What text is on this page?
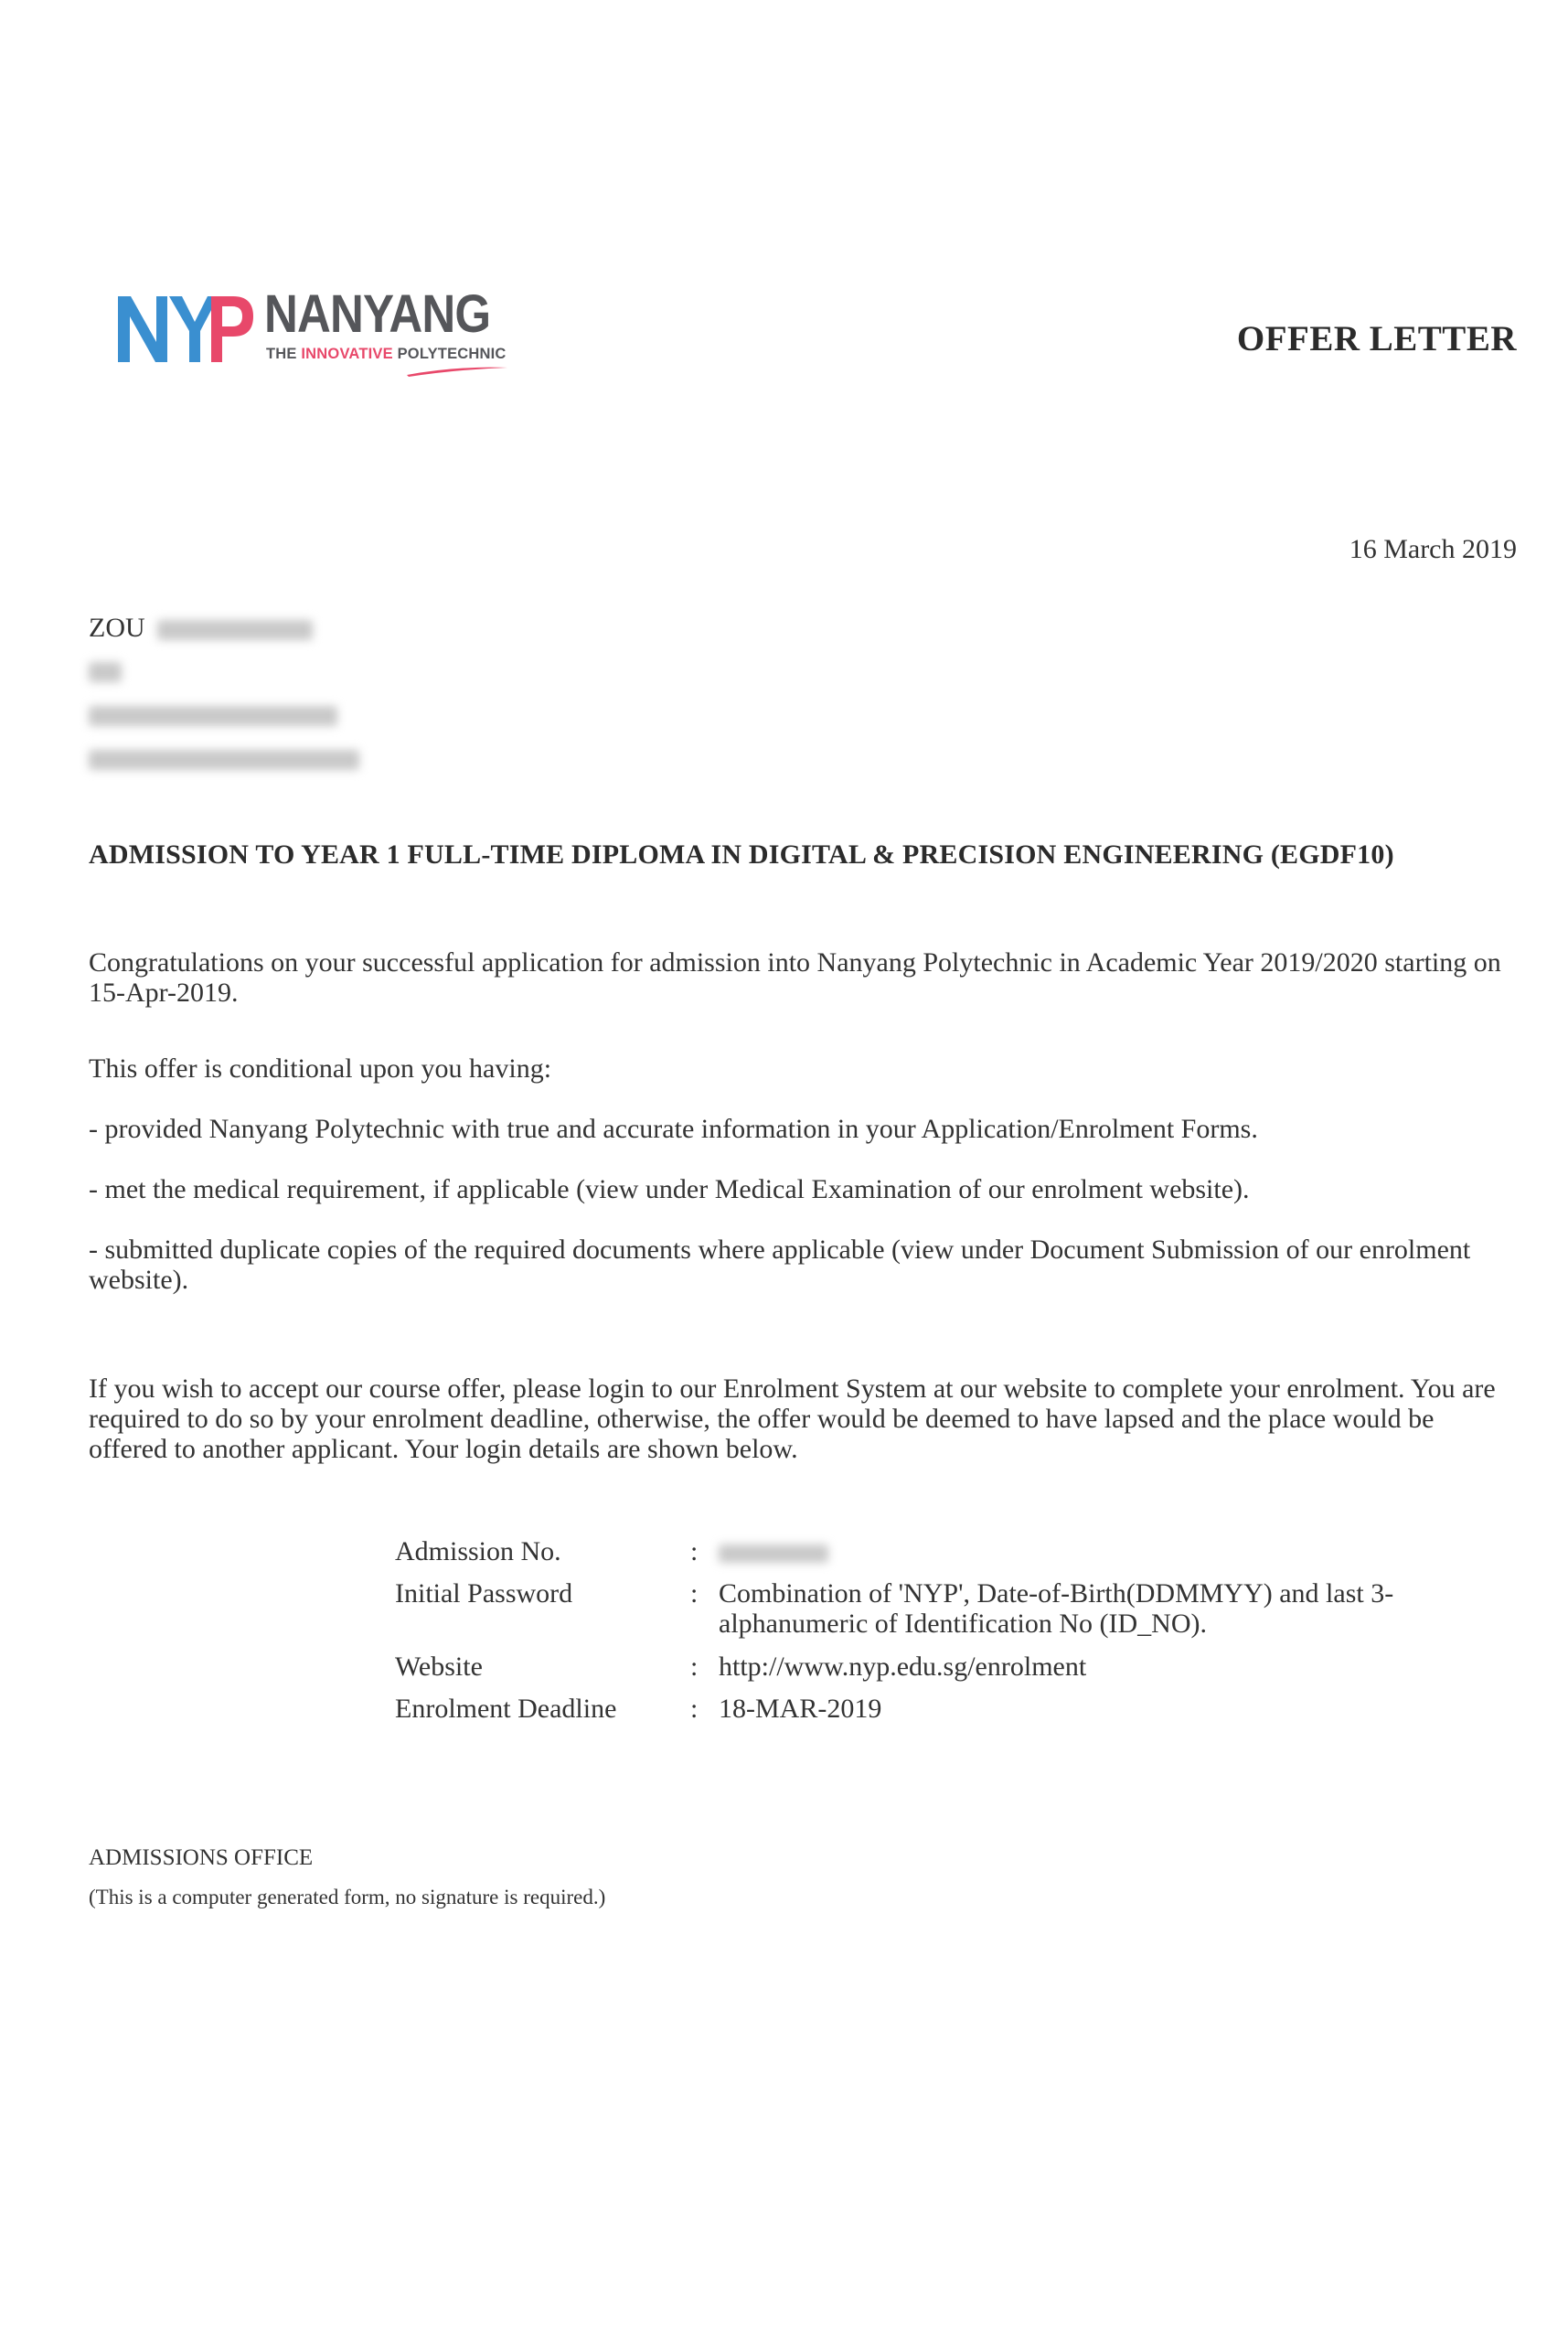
NANYANG
THE INNOVATIVE POLYTECHNIC	OFFER LETTER
16 March 2019
ZOU
ADMISSION TO YEAR 1 FULL-TIME DIPLOMA IN DIGITAL & PRECISION ENGINEERING (EGDF10)
Congratulations on your successful application for admission into Nanyang Polytechnic in Academic Year 2019/2020 starting on 15-Apr-2019.
This offer is conditional upon you having:
- provided Nanyang Polytechnic with true and accurate information in your Application/Enrolment Forms.
- met the medical requirement, if applicable (view under Medical Examination of our enrolment website).
- submitted duplicate copies of the required documents where applicable (view under Document Submission of our enrolment website).
If you wish to accept our course offer, please login to our Enrolment System at our website to complete your enrolment. You are required to do so by your enrolment deadline, otherwise, the offer would be deemed to have lapsed and the place would be offered to another applicant. Your login details are shown below.
Admission No.	:
Initial Password	: Combination of 'NYP', Date-of-Birth(DDMMYY) and last 3-alphanumeric of Identification No (ID_NO).
Website	: http://www.nyp.edu.sg/enrolment
Enrolment Deadline	: 18-MAR-2019
ADMISSIONS OFFICE
(This is a computer generated form, no signature is required.)
